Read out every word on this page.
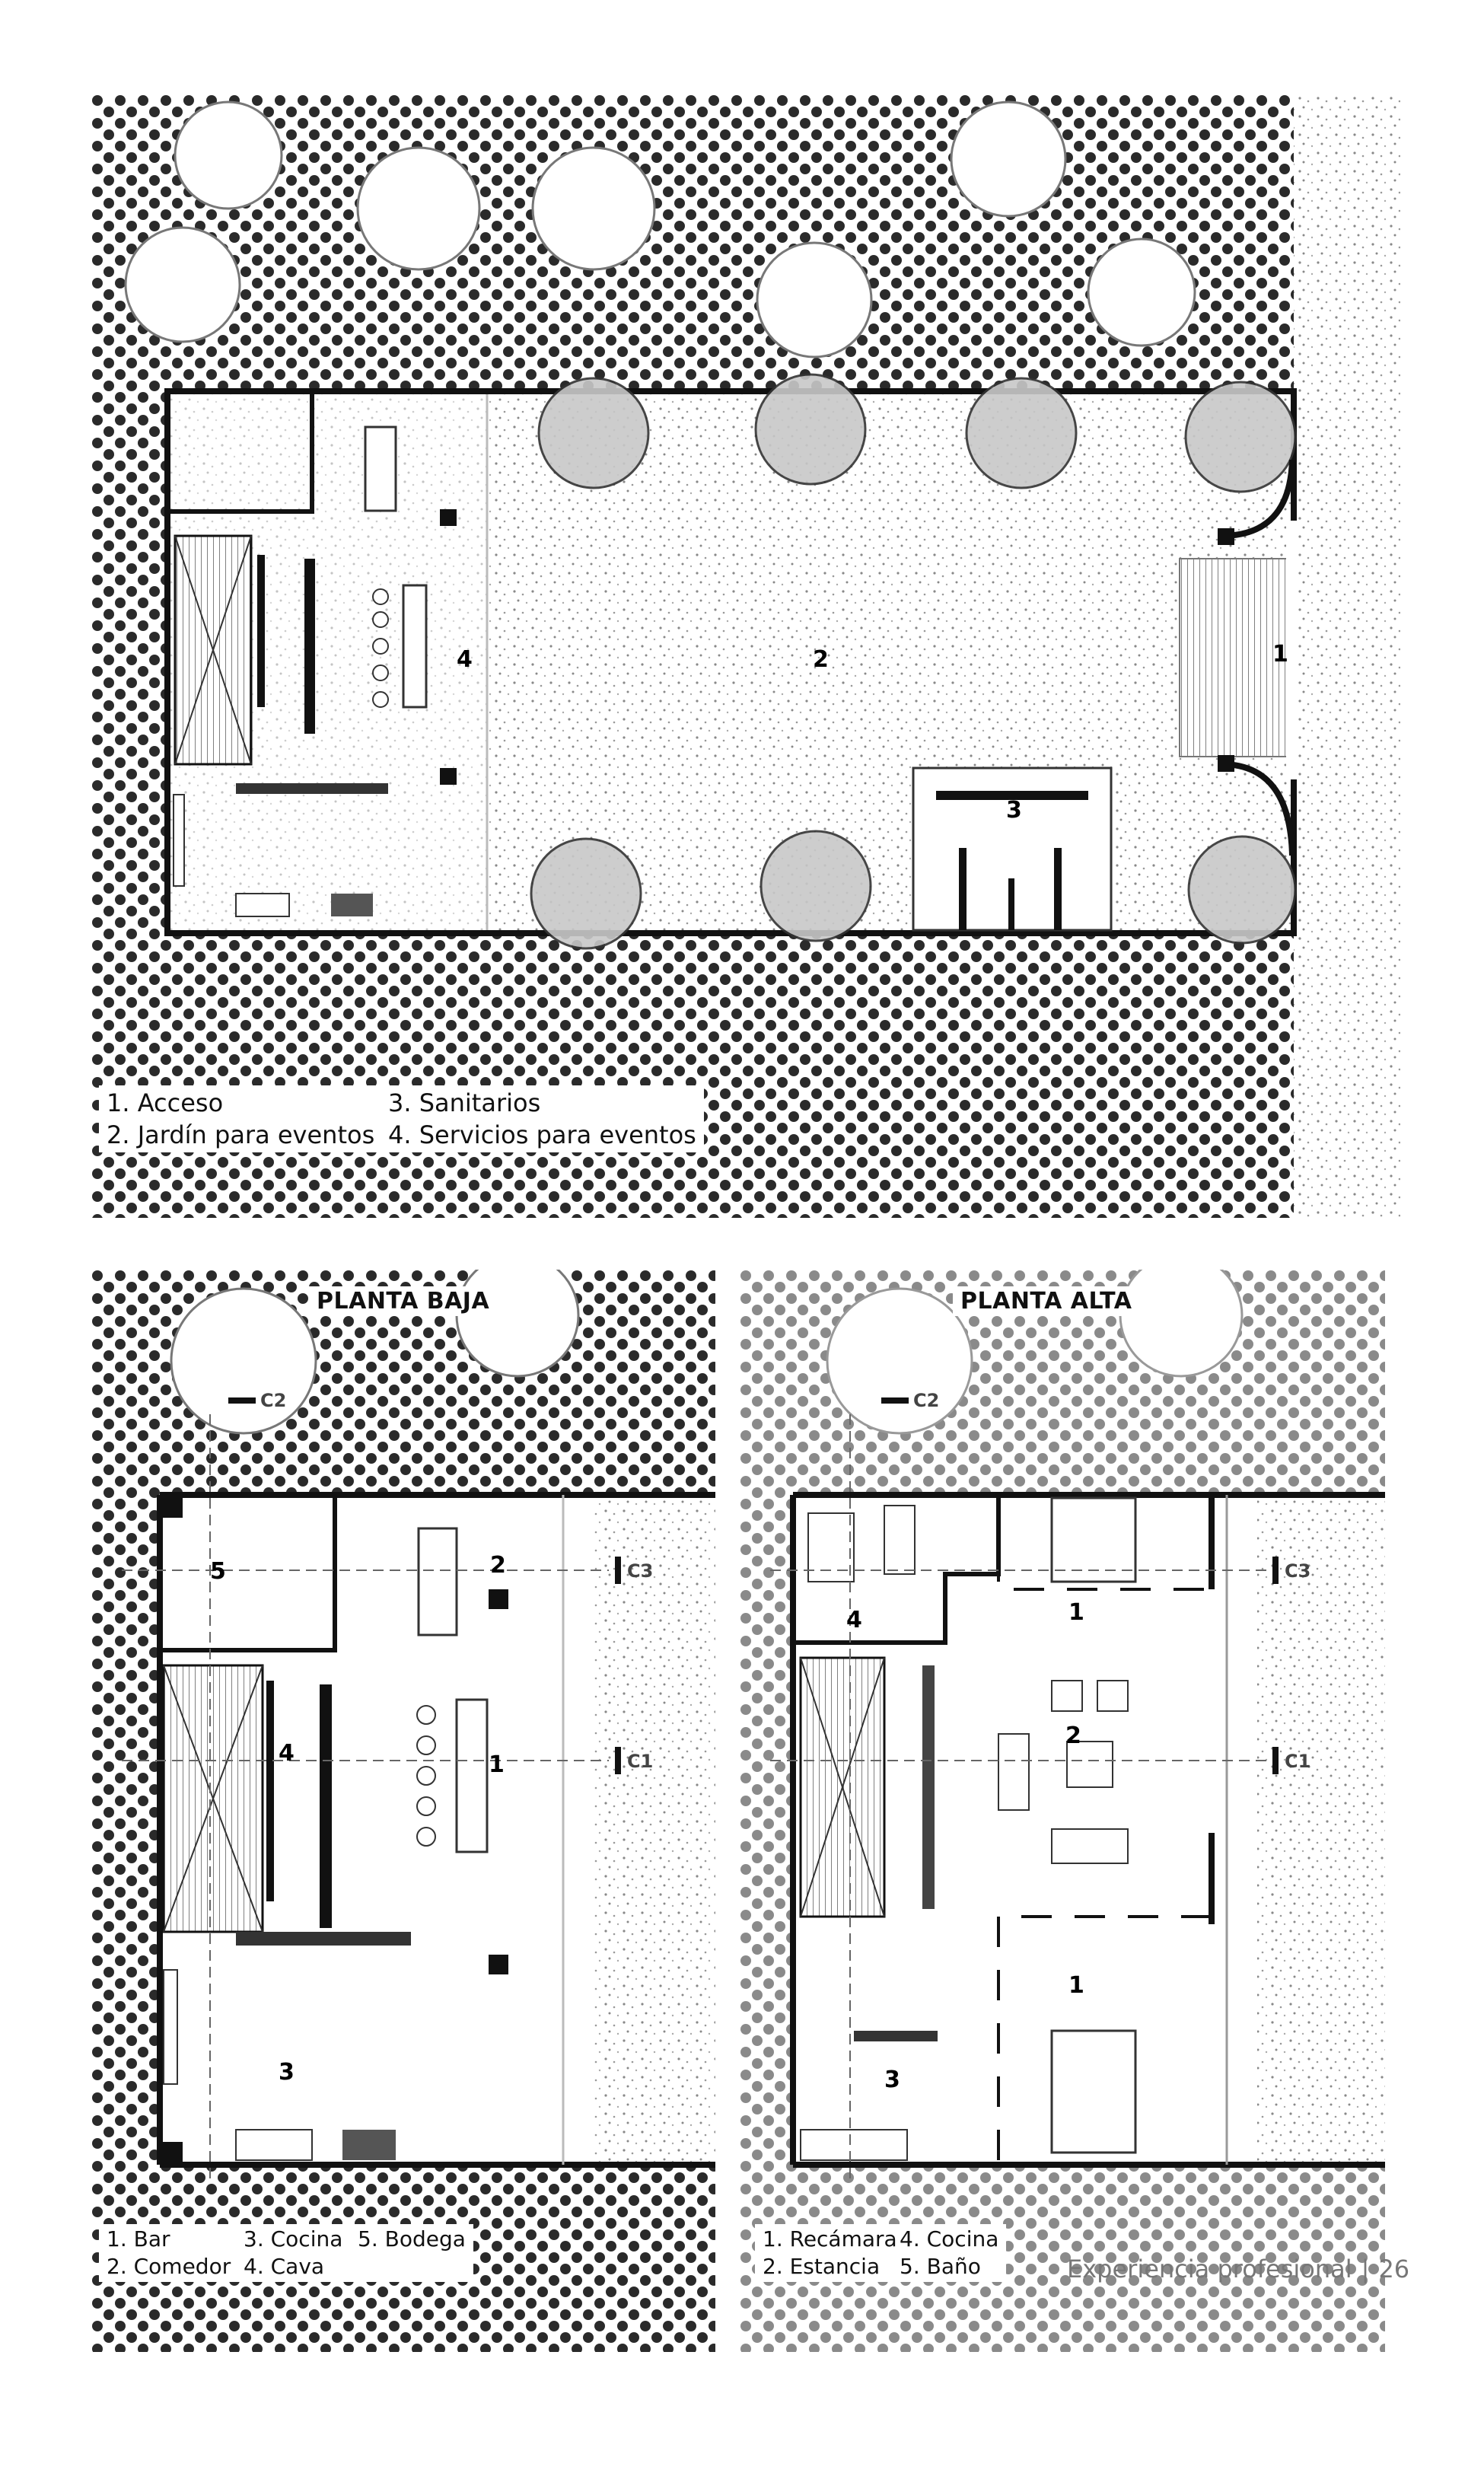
4	2
3
1
1. Acceso	3. Sanitarios
2. Jardín para eventos 4. Servicios para eventos
C3
C1
C2
1
2
3
4
5
PLANTA BAJA
1. Bar	3. Cocina 5. Bodega
2. Comedor 4. Cava
C3
C1
C2
1
1
2
3
4
PLANTA ALTA
1. Recámara 4. Cocina
2. Estancia 5. Baño	Experiencia profesional | 26
